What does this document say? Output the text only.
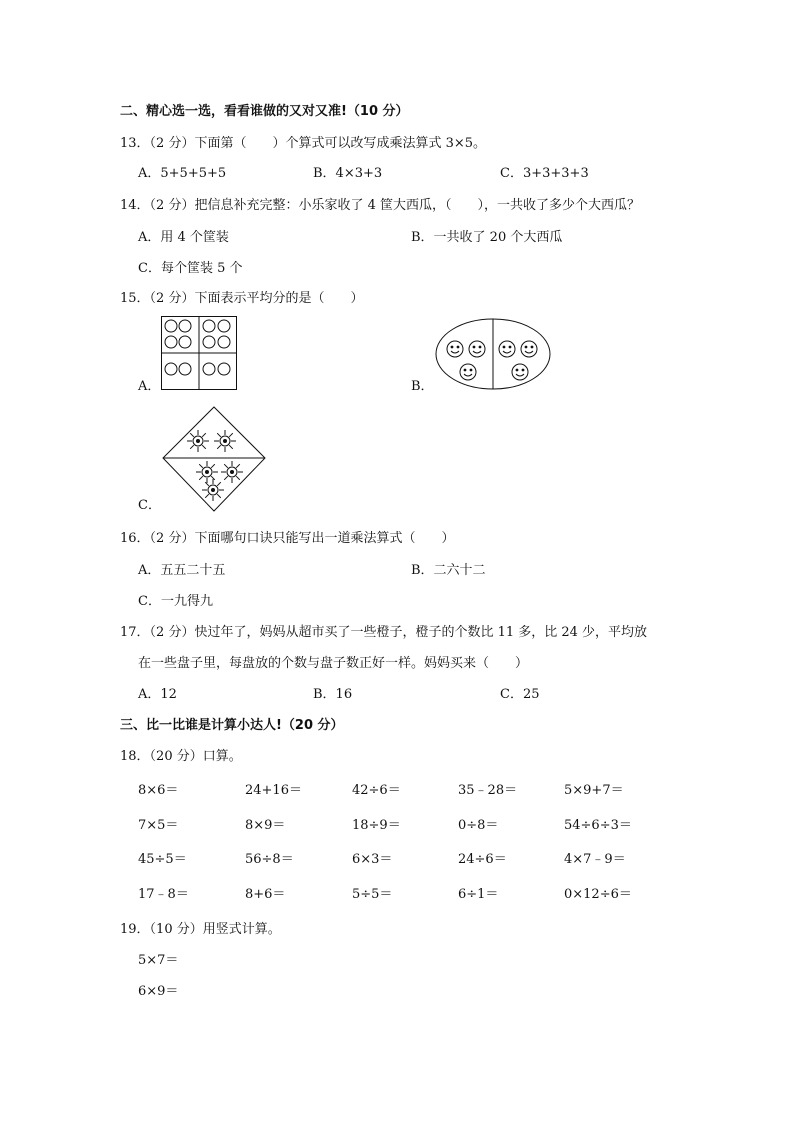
二、精心选一选，看看谁做的又对又准!（10 分）
13．（2 分）下面第（　　）个算式可以改写成乘法算式 3×5。
A．5+5+5+5	B．4×3+3	C．3+3+3+3
14．（2 分）把信息补充完整：小乐家收了 4 筐大西瓜，（　　），一共收了多少个大西瓜？
A．用 4 个筐装	B．一共收了 20 个大西瓜
C．每个筐装 5 个
15．（2 分）下面表示平均分的是（　　）
A．	B．
C．
16．（2 分）下面哪句口诀只能写出一道乘法算式（　　）
A．五五二十五	B．二六十二
C．一九得九
17．（2 分）快过年了，妈妈从超市买了一些橙子，橙子的个数比 11 多，比 24 少，平均放
在一些盘子里，每盘放的个数与盘子数正好一样。妈妈买来（　　）
A．12	B．16	C．25
三、比一比谁是计算小达人!（20 分）
18．（20 分）口算。
8×6＝	24+16＝	42÷6＝	35﹣28＝	5×9+7＝
7×5＝	8×9＝	18÷9＝	0÷8＝	54÷6÷3＝
45÷5＝	56÷8＝	6×3＝	24÷6＝	4×7﹣9＝
17﹣8＝	8+6＝	5÷5＝	6÷1＝	0×12÷6＝
19．（10 分）用竖式计算。
5×7＝
6×9＝
